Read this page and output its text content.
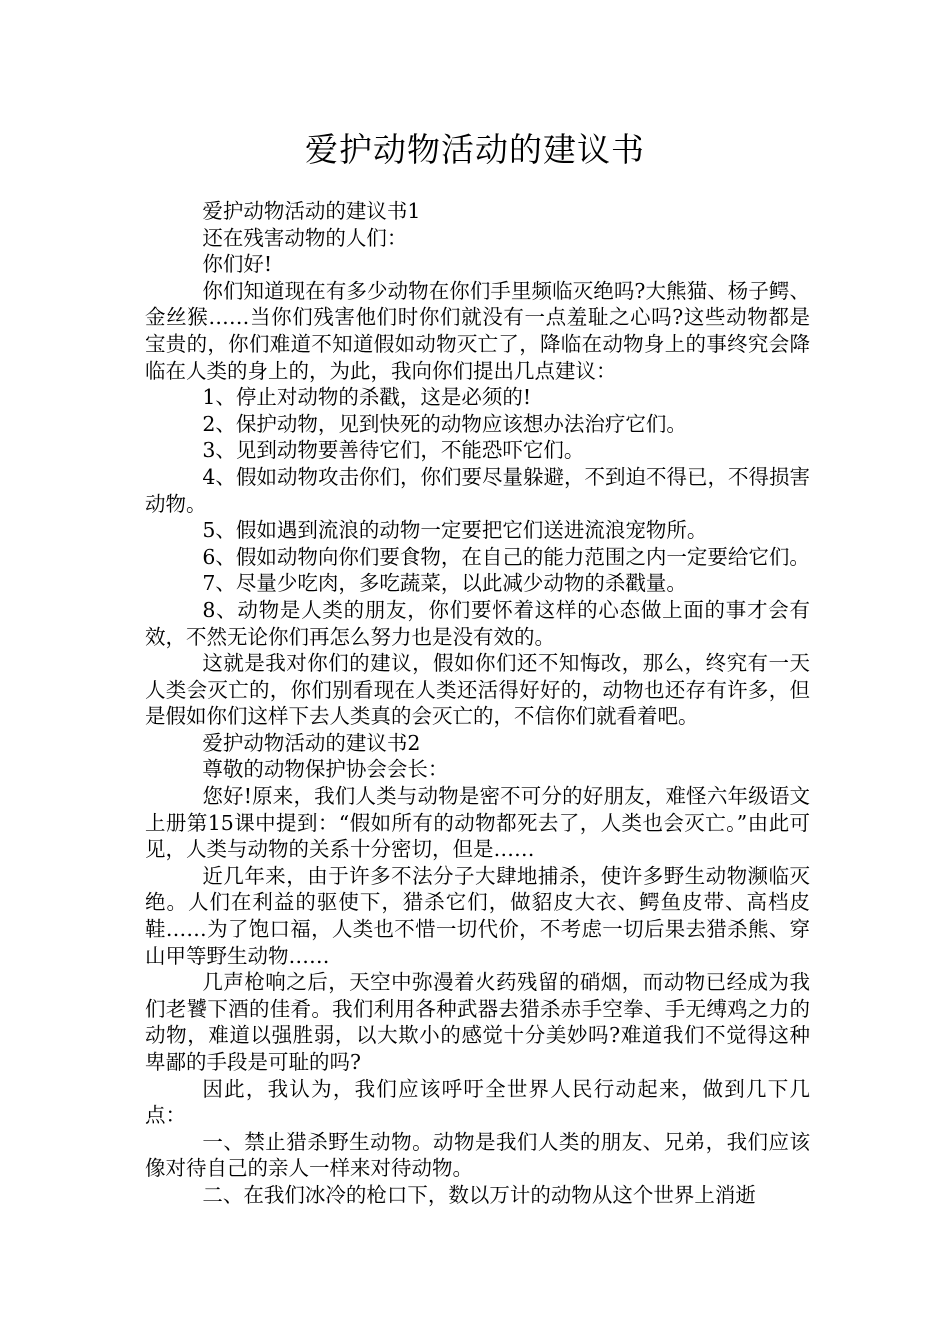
爱护动物活动的建议书

爱护动物活动的建议书1

还在残害动物的人们：

你们好!

你们知道现在有多少动物在你们手里频临灭绝吗?大熊猫、杨子鳄、金丝猴……当你们残害他们时你们就没有一点羞耻之心吗?这些动物都是宝贵的，你们难道不知道假如动物灭亡了，降临在动物身上的事终究会降临在人类的身上的，为此，我向你们提出几点建议：

1、停止对动物的杀戳，这是必须的!

2、保护动物，见到快死的动物应该想办法治疗它们。

3、见到动物要善待它们，不能恐吓它们。

4、假如动物攻击你们，你们要尽量躲避，不到迫不得已，不得损害动物。

5、假如遇到流浪的动物一定要把它们送进流浪宠物所。

6、假如动物向你们要食物，在自己的能力范围之内一定要给它们。

7、尽量少吃肉，多吃蔬菜，以此减少动物的杀戳量。

8、动物是人类的朋友，你们要怀着这样的心态做上面的事才会有效，不然无论你们再怎么努力也是没有效的。

这就是我对你们的建议，假如你们还不知悔改，那么，终究有一天人类会灭亡的，你们别看现在人类还活得好好的，动物也还存有许多，但是假如你们这样下去人类真的会灭亡的，不信你们就看着吧。

爱护动物活动的建议书2

尊敬的动物保护协会会长：

您好!原来，我们人类与动物是密不可分的好朋友，难怪六年级语文上册第15课中提到：“假如所有的动物都死去了，人类也会灭亡。”由此可见，人类与动物的关系十分密切，但是……

近几年来，由于许多不法分子大肆地捕杀，使许多野生动物濒临灭绝。人们在利益的驱使下，猎杀它们，做貂皮大衣、鳄鱼皮带、高档皮鞋……为了饱口福，人类也不惜一切代价，不考虑一切后果去猎杀熊、穿山甲等野生动物……

几声枪响之后，天空中弥漫着火药残留的硝烟，而动物已经成为我们老饕下酒的佳肴。我们利用各种武器去猎杀赤手空拳、手无缚鸡之力的动物，难道以强胜弱，以大欺小的感觉十分美妙吗?难道我们不觉得这种卑鄙的手段是可耻的吗?

因此，我认为，我们应该呼吁全世界人民行动起来，做到几下几点：

一、禁止猎杀野生动物。动物是我们人类的朋友、兄弟，我们应该像对待自己的亲人一样来对待动物。

二、在我们冰冷的枪口下，数以万计的动物从这个世界上消逝
